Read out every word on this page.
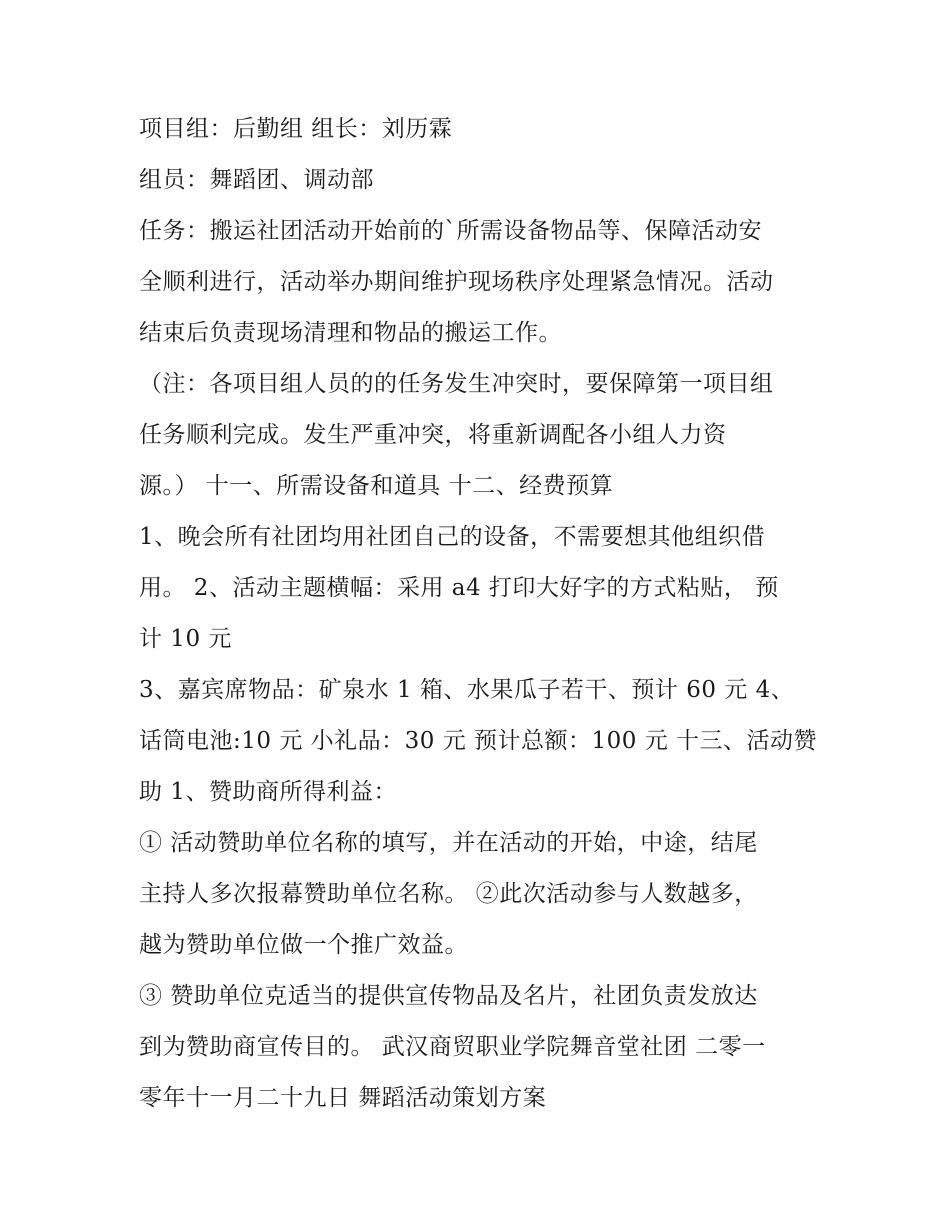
项目组：后勤组 组长：刘历霖
组员：舞蹈团、调动部
任务：搬运社团活动开始前的`所需设备物品等、保障活动安
全顺利进行，活动举办期间维护现场秩序处理紧急情况。活动
结束后负责现场清理和物品的搬运工作。
（注：各项目组人员的的任务发生冲突时，要保障第一项目组
任务顺利完成。发生严重冲突，将重新调配各小组人力资
源。） 十一、所需设备和道具 十二、经费预算
1、晚会所有社团均用社团自己的设备，不需要想其他组织借
用。 2、活动主题横幅：采用 a4 打印大好字的方式粘贴， 预
计 10 元
3、嘉宾席物品：矿泉水 1 箱、水果瓜子若干、预计 60 元 4、
话筒电池:10 元 小礼品：30 元 预计总额：100 元 十三、活动赞
助 1、赞助商所得利益：
① 活动赞助单位名称的填写，并在活动的开始，中途，结尾
主持人多次报幕赞助单位名称。 ②此次活动参与人数越多，
越为赞助单位做一个推广效益。
③ 赞助单位克适当的提供宣传物品及名片，社团负责发放达
到为赞助商宣传目的。 武汉商贸职业学院舞音堂社团 二零一
零年十一月二十九日 舞蹈活动策划方案
